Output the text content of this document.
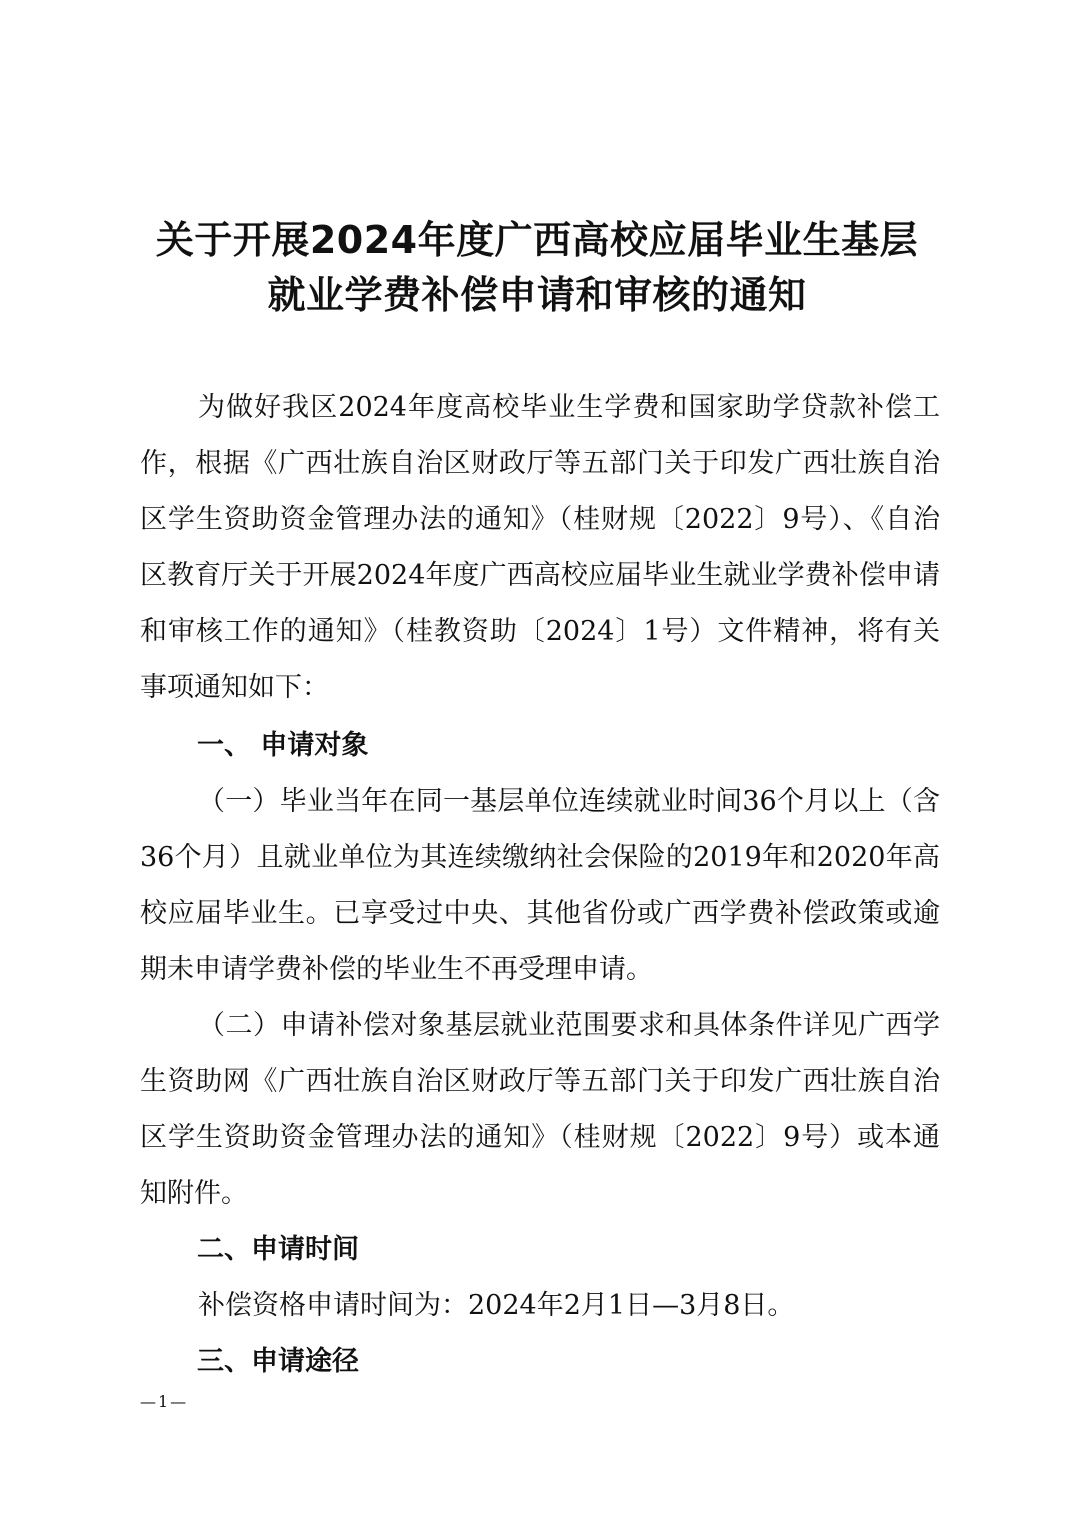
关于开展2024年度广西高校应届毕业生基层
就业学费补偿申请和审核的通知

为做好我区2024年度高校毕业生学费和国家助学贷款补偿工作，根据《广西壮族自治区财政厅等五部门关于印发广西壮族自治区学生资助资金管理办法的通知》（桂财规〔2022〕9号）、《自治区教育厅关于开展2024年度广西高校应届毕业生就业学费补偿申请和审核工作的通知》（桂教资助〔2024〕1号）文件精神，将有关事项通知如下：

一、 申请对象

（一）毕业当年在同一基层单位连续就业时间36个月以上（含36个月）且就业单位为其连续缴纳社会保险的2019年和2020年高校应届毕业生。已享受过中央、其他省份或广西学费补偿政策或逾期未申请学费补偿的毕业生不再受理申请。

（二）申请补偿对象基层就业范围要求和具体条件详见广西学生资助网《广西壮族自治区财政厅等五部门关于印发广西壮族自治区学生资助资金管理办法的通知》（桂财规〔2022〕9号）或本通知附件。

二、申请时间

补偿资格申请时间为：2024年2月1日—3月8日。

三、申请途径
—1—
